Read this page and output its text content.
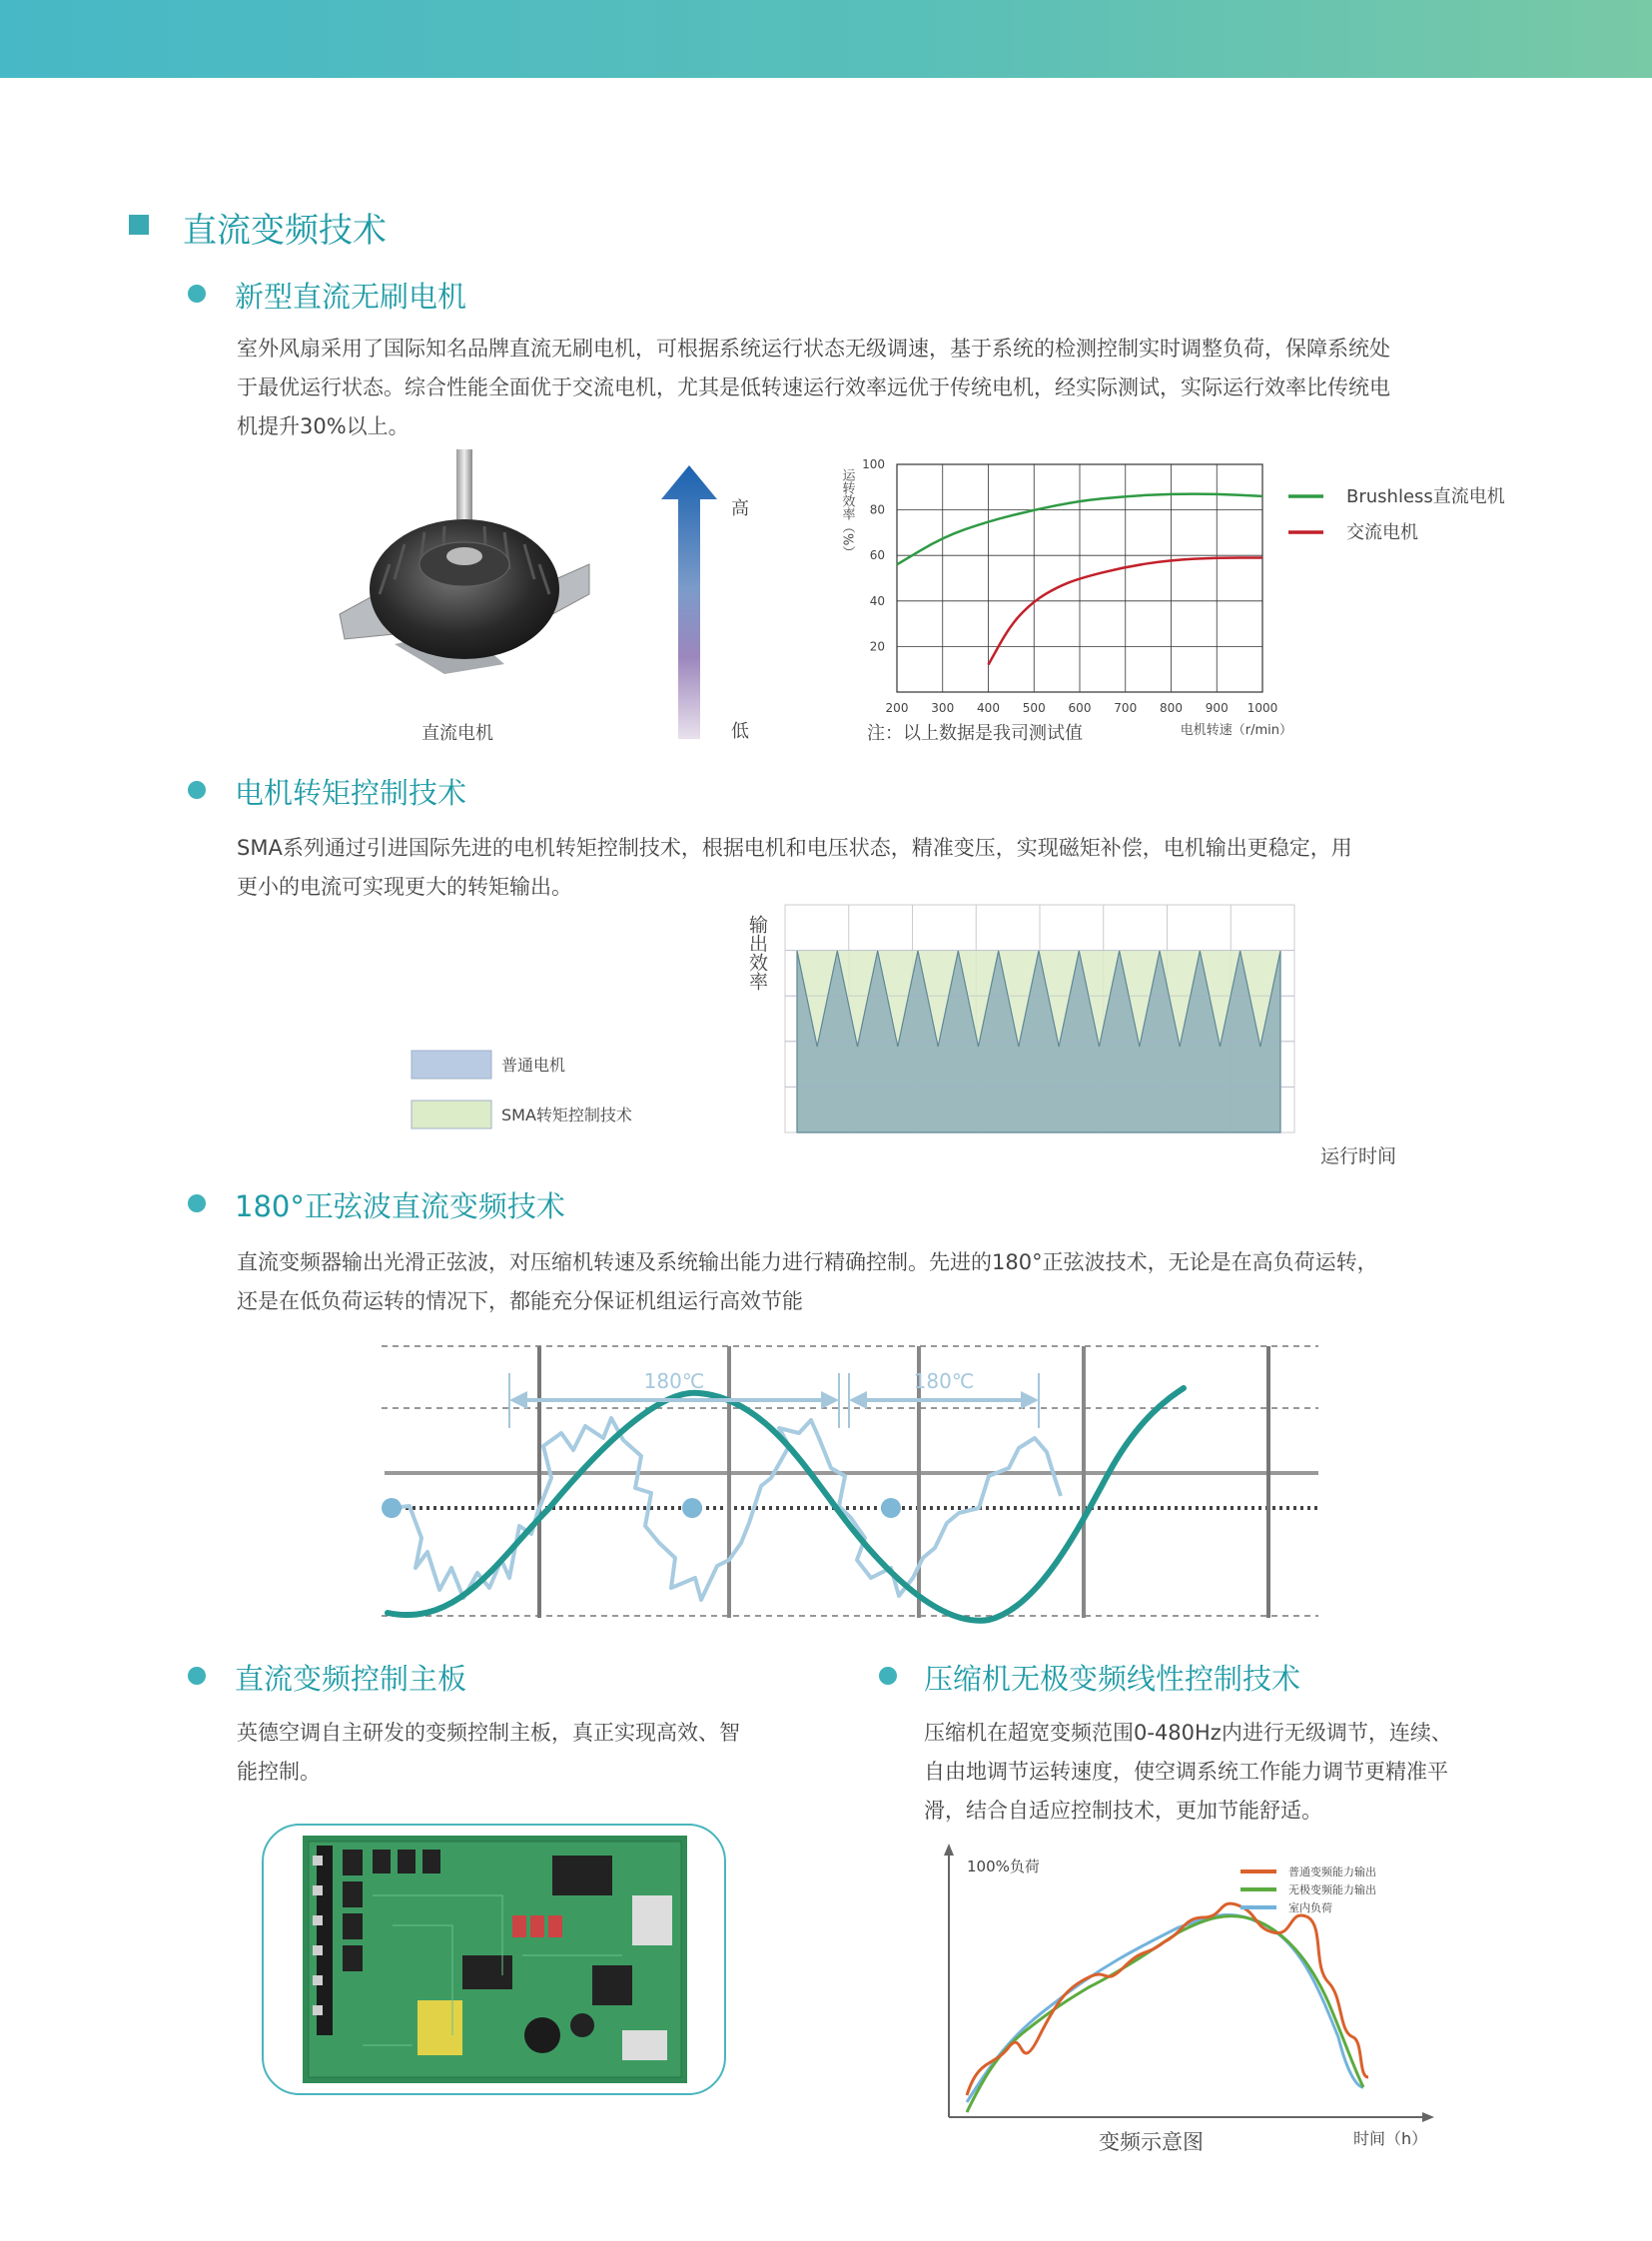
直流变频技术
新型直流无刷电机
室外风扇采用了国际知名品牌直流无刷电机，可根据系统运行状态无级调速，基于系统的检测控制实时调整负荷，保障系统处
于最优运行状态。综合性能全面优于交流电机，尤其是低转速运行效率远优于传统电机，经实际测试，实际运行效率比传统电
机提升30%以上。
直流电机
高
低
200 300 400 500 600 700 800 900 1000
20
40
60
80
100
运转效率（%）
电机转速（r/min）
Brushless直流电机
交流电机
注：以上数据是我司测试值
电机转矩控制技术
SMA系列通过引进国际先进的电机转矩控制技术，根据电机和电压状态，精准变压，实现磁矩补偿，电机输出更稳定，用
更小的电流可实现更大的转矩输出。
输出效率
运行时间
普通电机
SMA转矩控制技术
180°正弦波直流变频技术
直流变频器输出光滑正弦波，对压缩机转速及系统输出能力进行精确控制。先进的180°正弦波技术，无论是在高负荷运转，
还是在低负荷运转的情况下，都能充分保证机组运行高效节能
180℃	180℃
直流变频控制主板
英德空调自主研发的变频控制主板，真正实现高效、智
能控制。
压缩机无极变频线性控制技术
压缩机在超宽变频范围0-480Hz内进行无级调节，连续、
自由地调节运转速度，使空调系统工作能力调节更精准平
滑，结合自适应控制技术，更加节能舒适。
100%负荷
时间（h）
变频示意图
普通变频能力输出
无极变频能力输出
室内负荷
